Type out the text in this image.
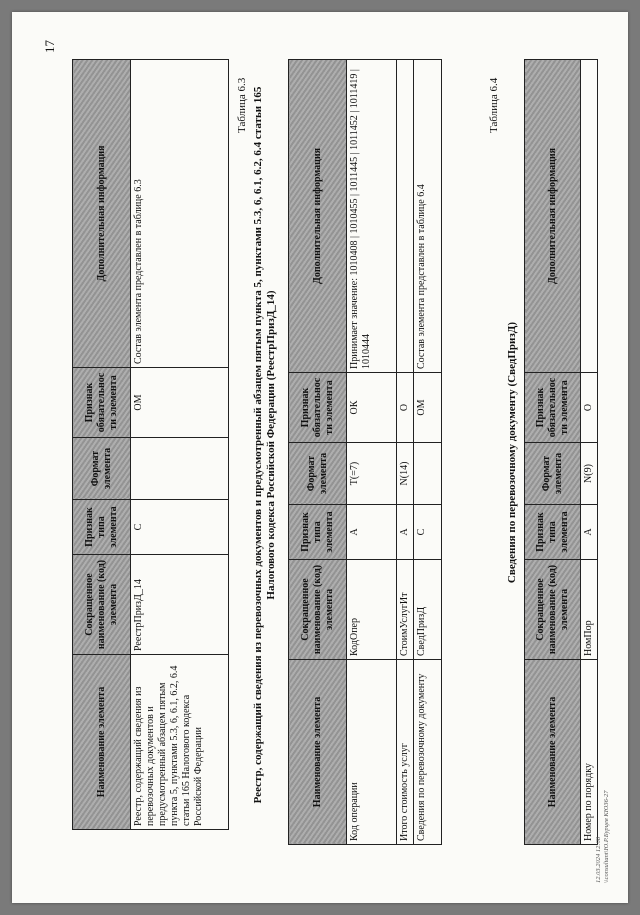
17
Наименование элемента	Сокращенное наименование (код) элемента	Признак типа элемента	Формат элемента	Признак обязательности элемента	Дополнительная информация
Реестр, содержащий сведения из перевозочных документов и предусмотренный абзацем пятым пункта 5, пунктами 5.3, 6, 6.1, 6.2, 6.4 статьи 165 Налогового кодекса Российской Федерации	РеестрПризД_14	С		ОМ	Состав элемента представлен в таблице 6.3
Таблица 6.3 Реестр, содержащий сведения из перевозочных документов и предусмотренный абзацем пятым пункта 5, пунктами 5.3, 6, 6.1, 6.2, 6.4 статьи 165 Налогового кодекса Российской Федерации (РеестрПризД_14)
Наименование элемента	Сокращенное наименование (код) элемента	Признак типа элемента	Формат элемента	Признак обязательности элемента	Дополнительная информация
Код операции	КодОпер	А	T(=7)	ОК	Принимает значение: 1010408 | 1010455 | 1011445 | 1011452 | 1011419 | 1010444
Итого стоимость услуг	СтоимУслугИт	А	N(14)	О	
Сведения по перевозочному документу	СведПризД	С		ОМ	Состав элемента представлен в таблице 6.4
Таблица 6.4
Сведения по перевозочному документу (СведПризД)
Наименование элемента	Сокращенное наименование (код) элемента	Признак типа элемента	Формат элемента	Признак обязательности элемента	Дополнительная информация
Номер по порядку	НомПор	А	N(9)	О	
12.03.2024 12:08 \\consultant\Ю.Р.Бурцев КЮ36-27
